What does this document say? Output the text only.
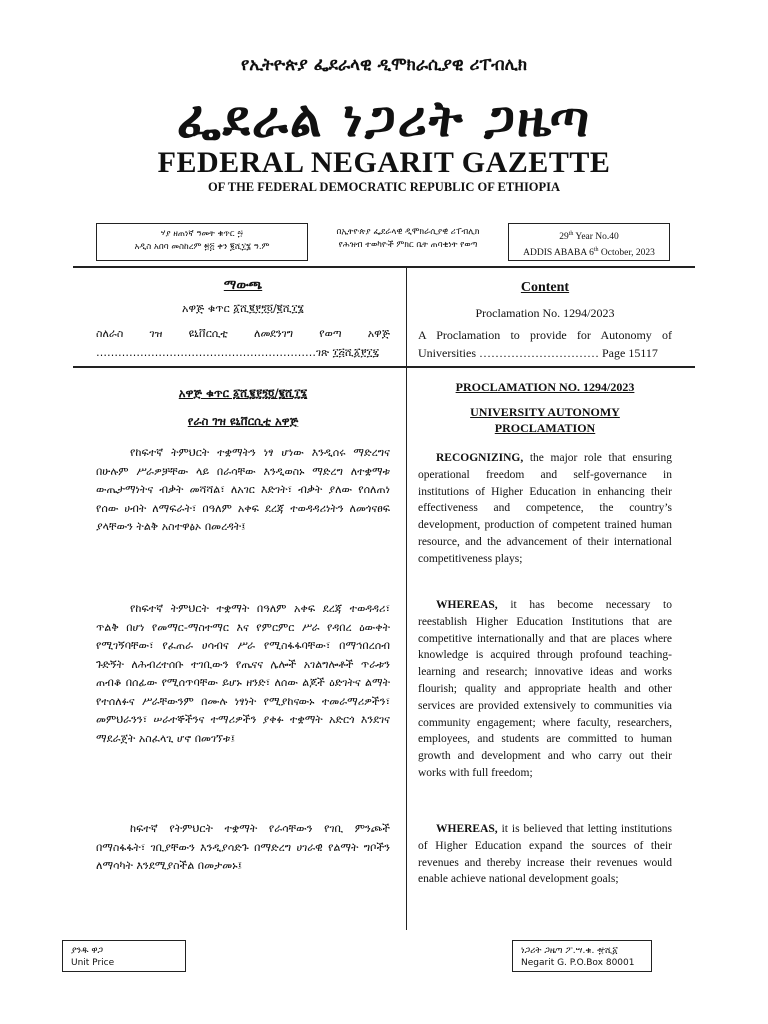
የኢትዮጵያ ፌደራላዊ ዲሞክራሲያዊ ሪፐብሊክ
ፌደራል ነጋሪት ጋዜጣ
FEDERAL NEGARIT GAZETTE
OF THE FEDERAL DEMOCRATIC REPUBLIC OF ETHIOPIA
ሃያ ዘጠነኛ ዓመት ቁጥር ፵
አዲስ አበባ መስከረም ፳፭ ቀን ፪ሺ፲፮ ዓ.ም
በኢትዮጵያ ፌደራላዊ ዲሞክራሲያዊ ሪፐብሊክ
የሕዝብ ተወካዮች ምክር ቤት ጠባቂነት የወጣ
29th Year No.40
ADDIS ABABA 6th October, 2023
ማውጫ
አዋጅ ቁጥር ፩ሺ፪፻፺፬/፪ሺ፲፮
ስለራስ ገዝ ዩኒቨርሲቲ ለመደንገግ የወጣ አዋጅ ……………………………………………………ገጽ ፲፭ሺ፩፻፲፯
Content
Proclamation No. 1294/2023
A Proclamation to provide for Autonomy of Universities ………………………… Page 15117
አዋጅ ቁጥር ፩ሺ፪፻፺፬/፪ሺ፲፮
የራስ ገዝ ዩኒቨርሲቲ አዋጅ
የከፍተኛ ትምህርት ተቋማትን ነፃ ሆነው እንዲሰሩ ማድረግና በሁሉም ሥራዎቻቸው ላይ በራሳቸው እንዲወስኑ ማድረግ ለተቋማቱ ውጤታማነትና ብቃት መሻሻል፣ ለአገር እድገት፣ ብቃት ያለው የሰለጠነ የሰው ሀብት ለማፍራት፣ በዓለም አቀፍ ደረጃ ተወዳዳሪነትን ለመጎናፀፍ ያላቸውን ትልቅ አስተዋፅኦ በመረዳት፤
የከፍተኛ ትምህርት ተቋማት በዓለም አቀፍ ደረጃ ተወዳዳሪ፣ ጥልቅ በሆነ የመማር-ማስተማር እና የምርምር ሥራ የዳበረ ዕውቀት የሚገኝባቸው፣ የፈጠራ ሀሳብና ሥራ የሚስፋፋባቸው፣ በማኅበረሰብ ጉድኝት ለሕብረተሰቡ ተገቢውን የጤናና ሌሎች አገልግሎቶች ጥራቱን ጠብቆ በሰፊው የሚሰጥባቸው ይሆኑ ዘንድ፣ ለሰው ልጆች ዕድገትና ልማት የተሰለፉና ሥራቸውንም በሙሉ ነፃነት የሚያከናውኑ ተመራማሪዎችን፣ መምህራንን፣ ሠራተኞችንና ተማሪዎችን ያቀፉ ተቋማት አድርጎ እንደገና ማደራጀት አስፈላጊ ሆኖ በመገኘቱ፤
ከፍተኛ የትምህርት ተቋማት የራሳቸውን የገቢ ምንጮች በማስፋፋት፣ ገቢያቸውን እንዲያሳድጉ በማድረግ ሀገራዊ የልማት ግቦችን ለማሳካት እንደሚያስችል በመታመኑ፤
PROCLAMATION NO. 1294/2023
UNIVERSITY AUTONOMY PROCLAMATION
RECOGNIZING, the major role that ensuring operational freedom and self-governance in institutions of Higher Education in enhancing their effectiveness and competence, the country’s development, production of competent trained human resource, and the advancement of their international competitiveness plays;
WHEREAS, it has become necessary to reestablish Higher Education Institutions that are competitive internationally and that are places where knowledge is acquired through profound teaching-learning and research; innovative ideas and works flourish; quality and appropriate health and other services are provided extensively to communities via community engagement; where faculty, researchers, employees, and students are committed to human growth and development and who carry out their works with full freedom;
WHEREAS, it is believed that letting institutions of Higher Education expand the sources of their revenues and thereby increase their revenues would enable achieve national development goals;
ያንዱ ዋጋ
Unit Price
ነጋሪት ጋዜጣ ፖ.ሣ.ቁ. ፹ሺ፩
Negarit G. P.O.Box 80001
